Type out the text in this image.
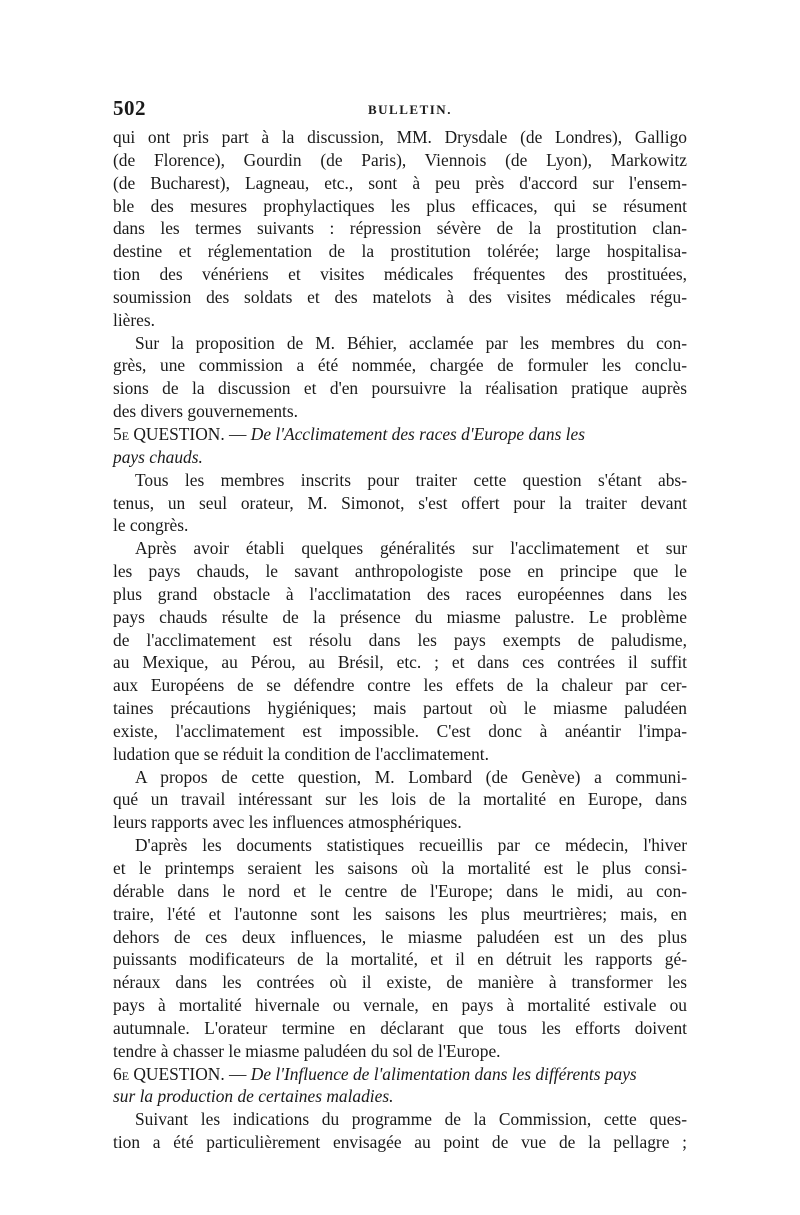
502	BULLETIN.

qui ont pris part à la discussion, MM. Drysdale (de Londres), Galligo
(de Florence), Gourdin (de Paris), Viennois (de Lyon), Markowitz
(de Bucharest), Lagneau, etc., sont à peu près d'accord sur l'ensem-
ble des mesures prophylactiques les plus efficaces, qui se résument
dans les termes suivants : répression sévère de la prostitution clan-
destine et réglementation de la prostitution tolérée; large hospitalisa-
tion des vénériens et visites médicales fréquentes des prostituées,
soumission des soldats et des matelots à des visites médicales régu-
lières.

Sur la proposition de M. Béhier, acclamée par les membres du con-
grès, une commission a été nommée, chargée de formuler les conclu-
sions de la discussion et d'en poursuivre la réalisation pratique auprès
des divers gouvernements.

5e QUESTION. — De l'Acclimatement des races d'Europe dans les
pays chauds.

Tous les membres inscrits pour traiter cette question s'étant abs-
tenus, un seul orateur, M. Simonot, s'est offert pour la traiter devant
le congrès.

Après avoir établi quelques généralités sur l'acclimatement et sur
les pays chauds, le savant anthropologiste pose en principe que le
plus grand obstacle à l'acclimatation des races européennes dans les
pays chauds résulte de la présence du miasme palustre. Le problème
de l'acclimatement est résolu dans les pays exempts de paludisme,
au Mexique, au Pérou, au Brésil, etc. ; et dans ces contrées il suffit
aux Européens de se défendre contre les effets de la chaleur par cer-
taines précautions hygiéniques; mais partout où le miasme paludéen
existe, l'acclimatement est impossible. C'est donc à anéantir l'impa-
ludation que se réduit la condition de l'acclimatement.

A propos de cette question, M. Lombard (de Genève) a communi-
qué un travail intéressant sur les lois de la mortalité en Europe, dans
leurs rapports avec les influences atmosphériques.

D'après les documents statistiques recueillis par ce médecin, l'hiver
et le printemps seraient les saisons où la mortalité est le plus consi-
dérable dans le nord et le centre de l'Europe; dans le midi, au con-
traire, l'été et l'autonne sont les saisons les plus meurtrières; mais, en
dehors de ces deux influences, le miasme paludéen est un des plus
puissants modificateurs de la mortalité, et il en détruit les rapports gé-
néraux dans les contrées où il existe, de manière à transformer les
pays à mortalité hivernale ou vernale, en pays à mortalité estivale ou
autumnale. L'orateur termine en déclarant que tous les efforts doivent
tendre à chasser le miasme paludéen du sol de l'Europe.

6e QUESTION. — De l'Influence de l'alimentation dans les différents pays
sur la production de certaines maladies.

Suivant les indications du programme de la Commission, cette ques-
tion a été particulièrement envisagée au point de vue de la pellagre ;
